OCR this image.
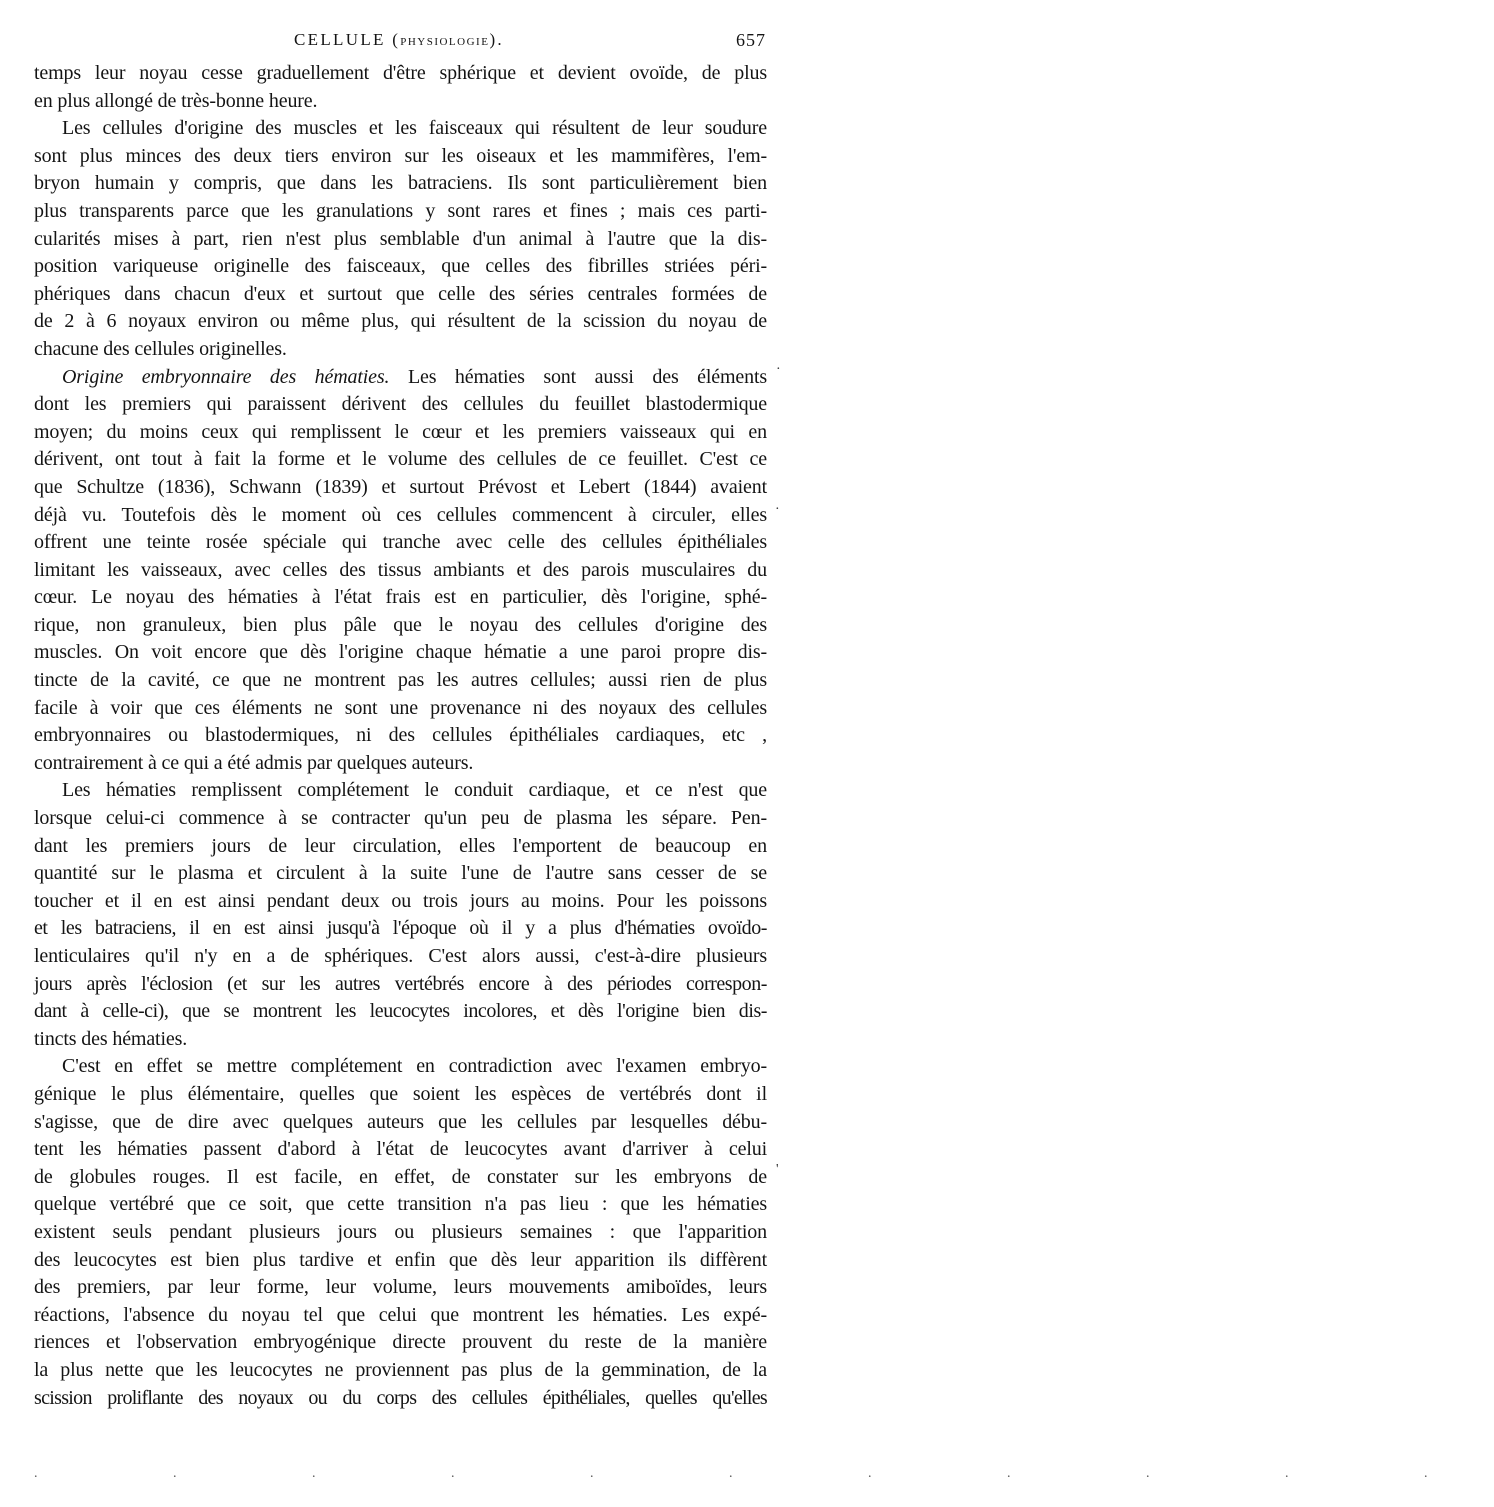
CELLULE (PHYSIOLOGIE).	657
temps leur noyau cesse graduellement d'être sphérique et devient ovoïde, de plus
en plus allongé de très-bonne heure.
Les cellules d'origine des muscles et les faisceaux qui résultent de leur soudure
sont plus minces des deux tiers environ sur les oiseaux et les mammifères, l'em-
bryon humain y compris, que dans les batraciens. Ils sont particulièrement bien
plus transparents parce que les granulations y sont rares et fines ; mais ces parti-
cularités mises à part, rien n'est plus semblable d'un animal à l'autre que la dis-
position variqueuse originelle des faisceaux, que celles des fibrilles striées péri-
phériques dans chacun d'eux et surtout que celle des séries centrales formées de
de 2 à 6 noyaux environ ou même plus, qui résultent de la scission du noyau de
chacune des cellules originelles.
Origine embryonnaire des hématies. Les hématies sont aussi des éléments
dont les premiers qui paraissent dérivent des cellules du feuillet blastodermique
moyen; du moins ceux qui remplissent le cœur et les premiers vaisseaux qui en
dérivent, ont tout à fait la forme et le volume des cellules de ce feuillet. C'est ce
que Schultze (1836), Schwann (1839) et surtout Prévost et Lebert (1844) avaient
déjà vu. Toutefois dès le moment où ces cellules commencent à circuler, elles
offrent une teinte rosée spéciale qui tranche avec celle des cellules épithéliales
limitant les vaisseaux, avec celles des tissus ambiants et des parois musculaires du
cœur. Le noyau des hématies à l'état frais est en particulier, dès l'origine, sphé-
rique, non granuleux, bien plus pâle que le noyau des cellules d'origine des
muscles. On voit encore que dès l'origine chaque hématie a une paroi propre dis-
tincte de la cavité, ce que ne montrent pas les autres cellules; aussi rien de plus
facile à voir que ces éléments ne sont une provenance ni des noyaux des cellules
embryonnaires ou blastodermiques, ni des cellules épithéliales cardiaques, etc ,
contrairement à ce qui a été admis par quelques auteurs.
Les hématies remplissent complétement le conduit cardiaque, et ce n'est que
lorsque celui-ci commence à se contracter qu'un peu de plasma les sépare. Pen-
dant les premiers jours de leur circulation, elles l'emportent de beaucoup en
quantité sur le plasma et circulent à la suite l'une de l'autre sans cesser de se
toucher et il en est ainsi pendant deux ou trois jours au moins. Pour les poissons
et les batraciens, il en est ainsi jusqu'à l'époque où il y a plus d'hématies ovoïdo-
lenticulaires qu'il n'y en a de sphériques. C'est alors aussi, c'est-à-dire plusieurs
jours après l'éclosion (et sur les autres vertébrés encore à des périodes correspon-
dant à celle-ci), que se montrent les leucocytes incolores, et dès l'origine bien dis-
tincts des hématies.
C'est en effet se mettre complétement en contradiction avec l'examen embryo-
génique le plus élémentaire, quelles que soient les espèces de vertébrés dont il
s'agisse, que de dire avec quelques auteurs que les cellules par lesquelles débu-
tent les hématies passent d'abord à l'état de leucocytes avant d'arriver à celui
de globules rouges. Il est facile, en effet, de constater sur les embryons de
quelque vertébré que ce soit, que cette transition n'a pas lieu : que les hématies
existent seuls pendant plusieurs jours ou plusieurs semaines : que l'apparition
des leucocytes est bien plus tardive et enfin que dès leur apparition ils diffèrent
des premiers, par leur forme, leur volume, leurs mouvements amiboïdes, leurs
réactions, l'absence du noyau tel que celui que montrent les hématies. Les expé-
riences et l'observation embryogénique directe prouvent du reste de la manière
la plus nette que les leucocytes ne proviennent pas plus de la gemmination, de la
scission proliflante des noyaux ou du corps des cellules épithéliales, quelles qu'elles
·
·
'
. . . . . . . . . . .
